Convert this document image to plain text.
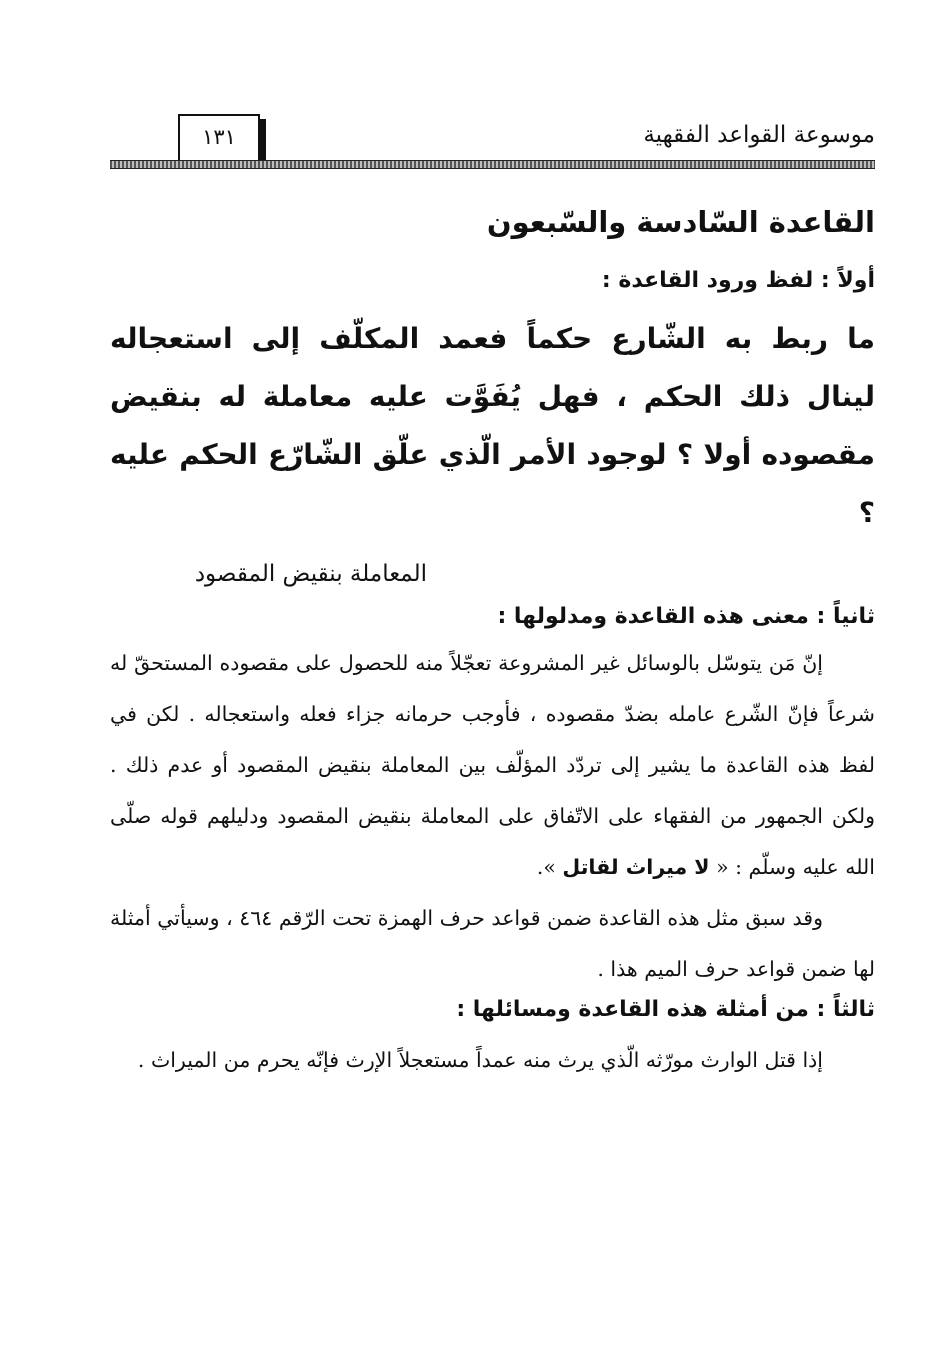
موسوعة القواعد الفقهية
١٣١
القاعدة السّادسة والسّبعون
أولاً : لفظ ورود القاعدة :

ما ربط به الشّارع حكماً فعمد المكلّف إلى استعجاله لينال ذلك الحكم ، فهل يُفَوَّت عليه معاملة له بنقيض مقصوده أولا ؟ لوجود الأمر الّذي علّق الشّارّع الحكم عليه ؟

المعاملة بنقيض المقصود

ثانياً : معنى هذه القاعدة ومدلولها :

إنّ مَن يتوسّل بالوسائل غير المشروعة تعجّلاً منه للحصول على مقصوده المستحقّ له شرعاً فإنّ الشّرع عامله بضدّ مقصوده ، فأوجب حرمانه جزاء فعله واستعجاله . لكن في لفظ هذه القاعدة ما يشير إلى تردّد المؤلّف بين المعاملة بنقيض المقصود أو عدم ذلك . ولكن الجمهور من الفقهاء على الاتّفاق على المعاملة بنقيض المقصود ودليلهم قوله صلّى الله عليه وسلّم : « لا ميراث لقاتل ».

وقد سبق مثل هذه القاعدة ضمن قواعد حرف الهمزة تحت الرّقم ٤٦٤ ، وسيأتي أمثلة لها ضمن قواعد حرف الميم هذا .

ثالثاً : من أمثلة هذه القاعدة ومسائلها :

إذا قتل الوارث مورّثه الّذي يرث منه عمداً مستعجلاً الإرث فإنّه يحرم من الميراث .
